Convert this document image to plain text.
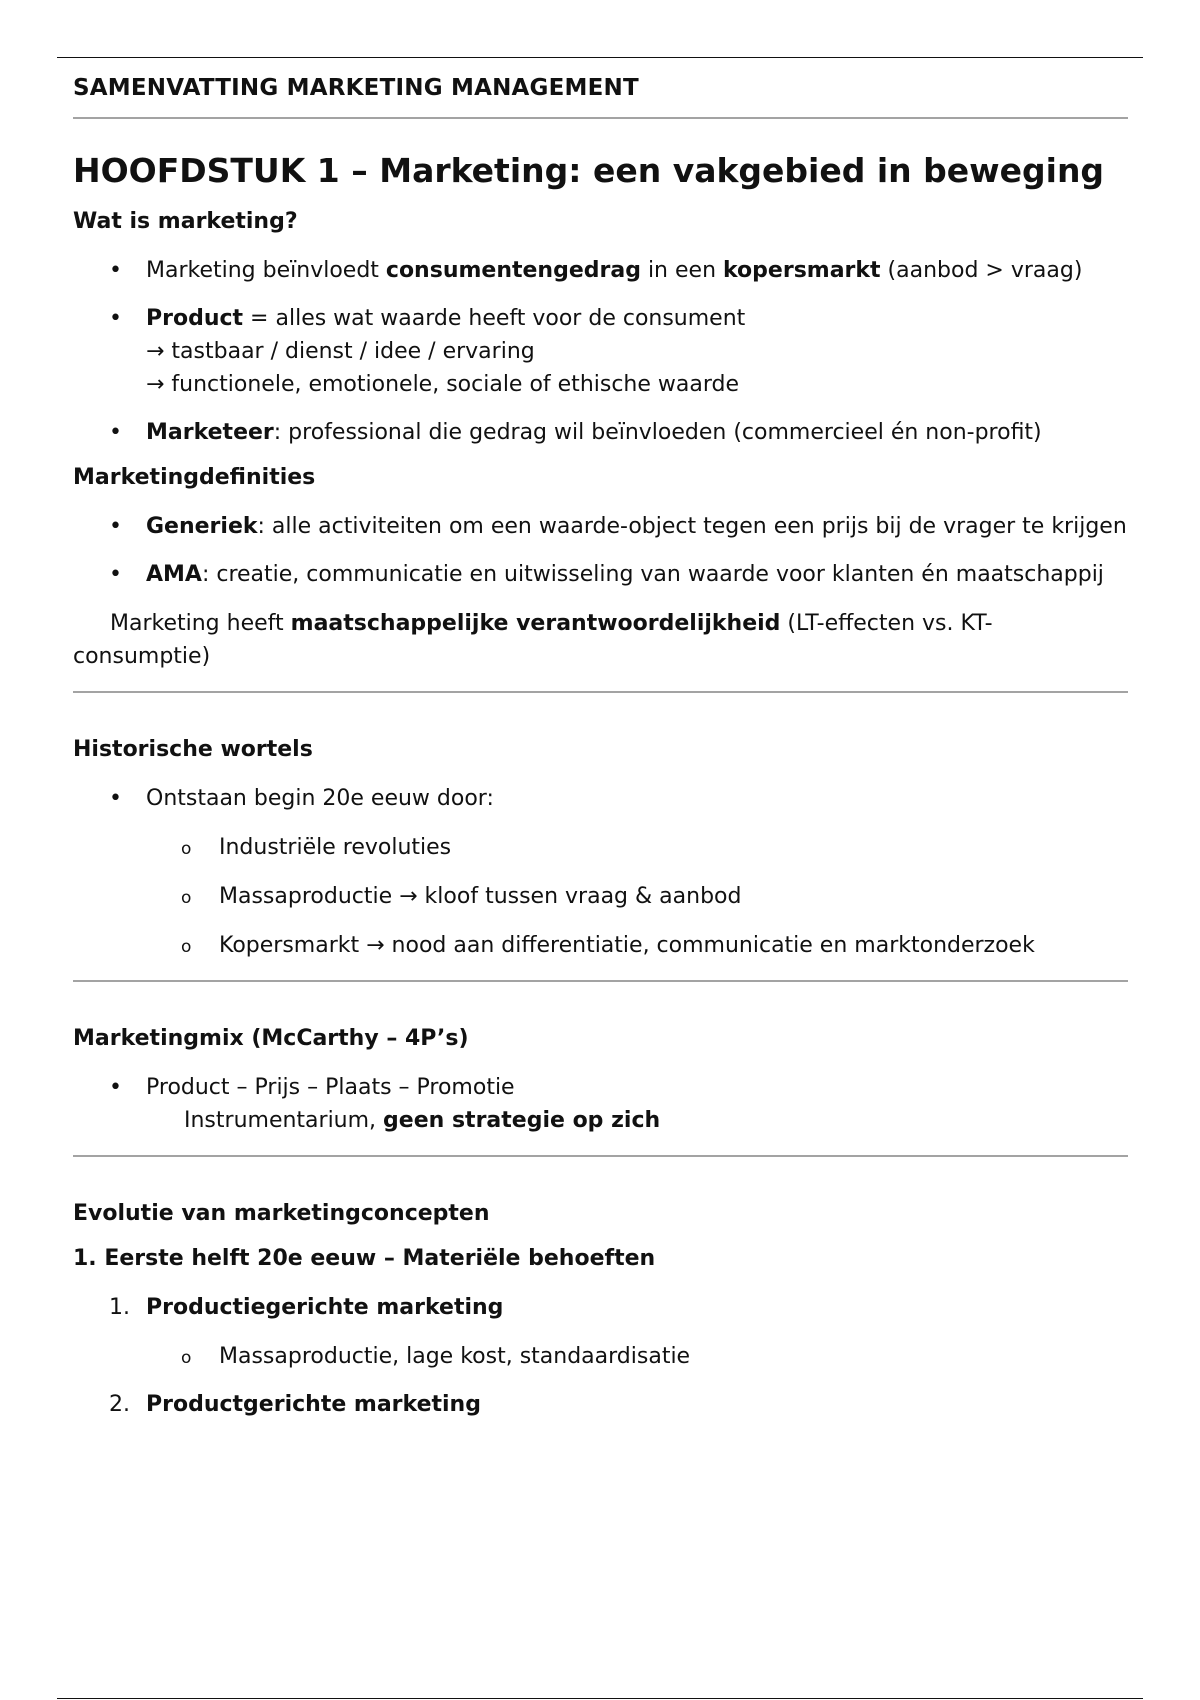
SAMENVATTING MARKETING MANAGEMENT
HOOFDSTUK 1 – Marketing: een vakgebied in beweging
Wat is marketing?
• Marketing beïnvloedt consumentengedrag in een kopersmarkt (aanbod > vraag)
• Product = alles wat waarde heeft voor de consument
→ tastbaar / dienst / idee / ervaring
→ functionele, emotionele, sociale of ethische waarde
• Marketeer: professional die gedrag wil beïnvloeden (commercieel én non-profit)
Marketingdefinities
• Generiek: alle activiteiten om een waarde-object tegen een prijs bij de vrager te krijgen
• AMA: creatie, communicatie en uitwisseling van waarde voor klanten én maatschappij

Marketing heeft maatschappelijke verantwoordelijkheid (LT-effecten vs. KT-consumptie)

Historische wortels
• Ontstaan begin 20e eeuw door:
o Industriële revoluties
o Massaproductie → kloof tussen vraag & aanbod
o Kopersmarkt → nood aan differentiatie, communicatie en marktonderzoek
Marketingmix (McCarthy – 4P’s)
• Product – Prijs – Plaats – Promotie
Instrumentarium, geen strategie op zich
Evolutie van marketingconcepten
1. Eerste helft 20e eeuw – Materiële behoeften
1. Productiegerichte marketing
o Massaproductie, lage kost, standaardisatie
2. Productgerichte marketing
